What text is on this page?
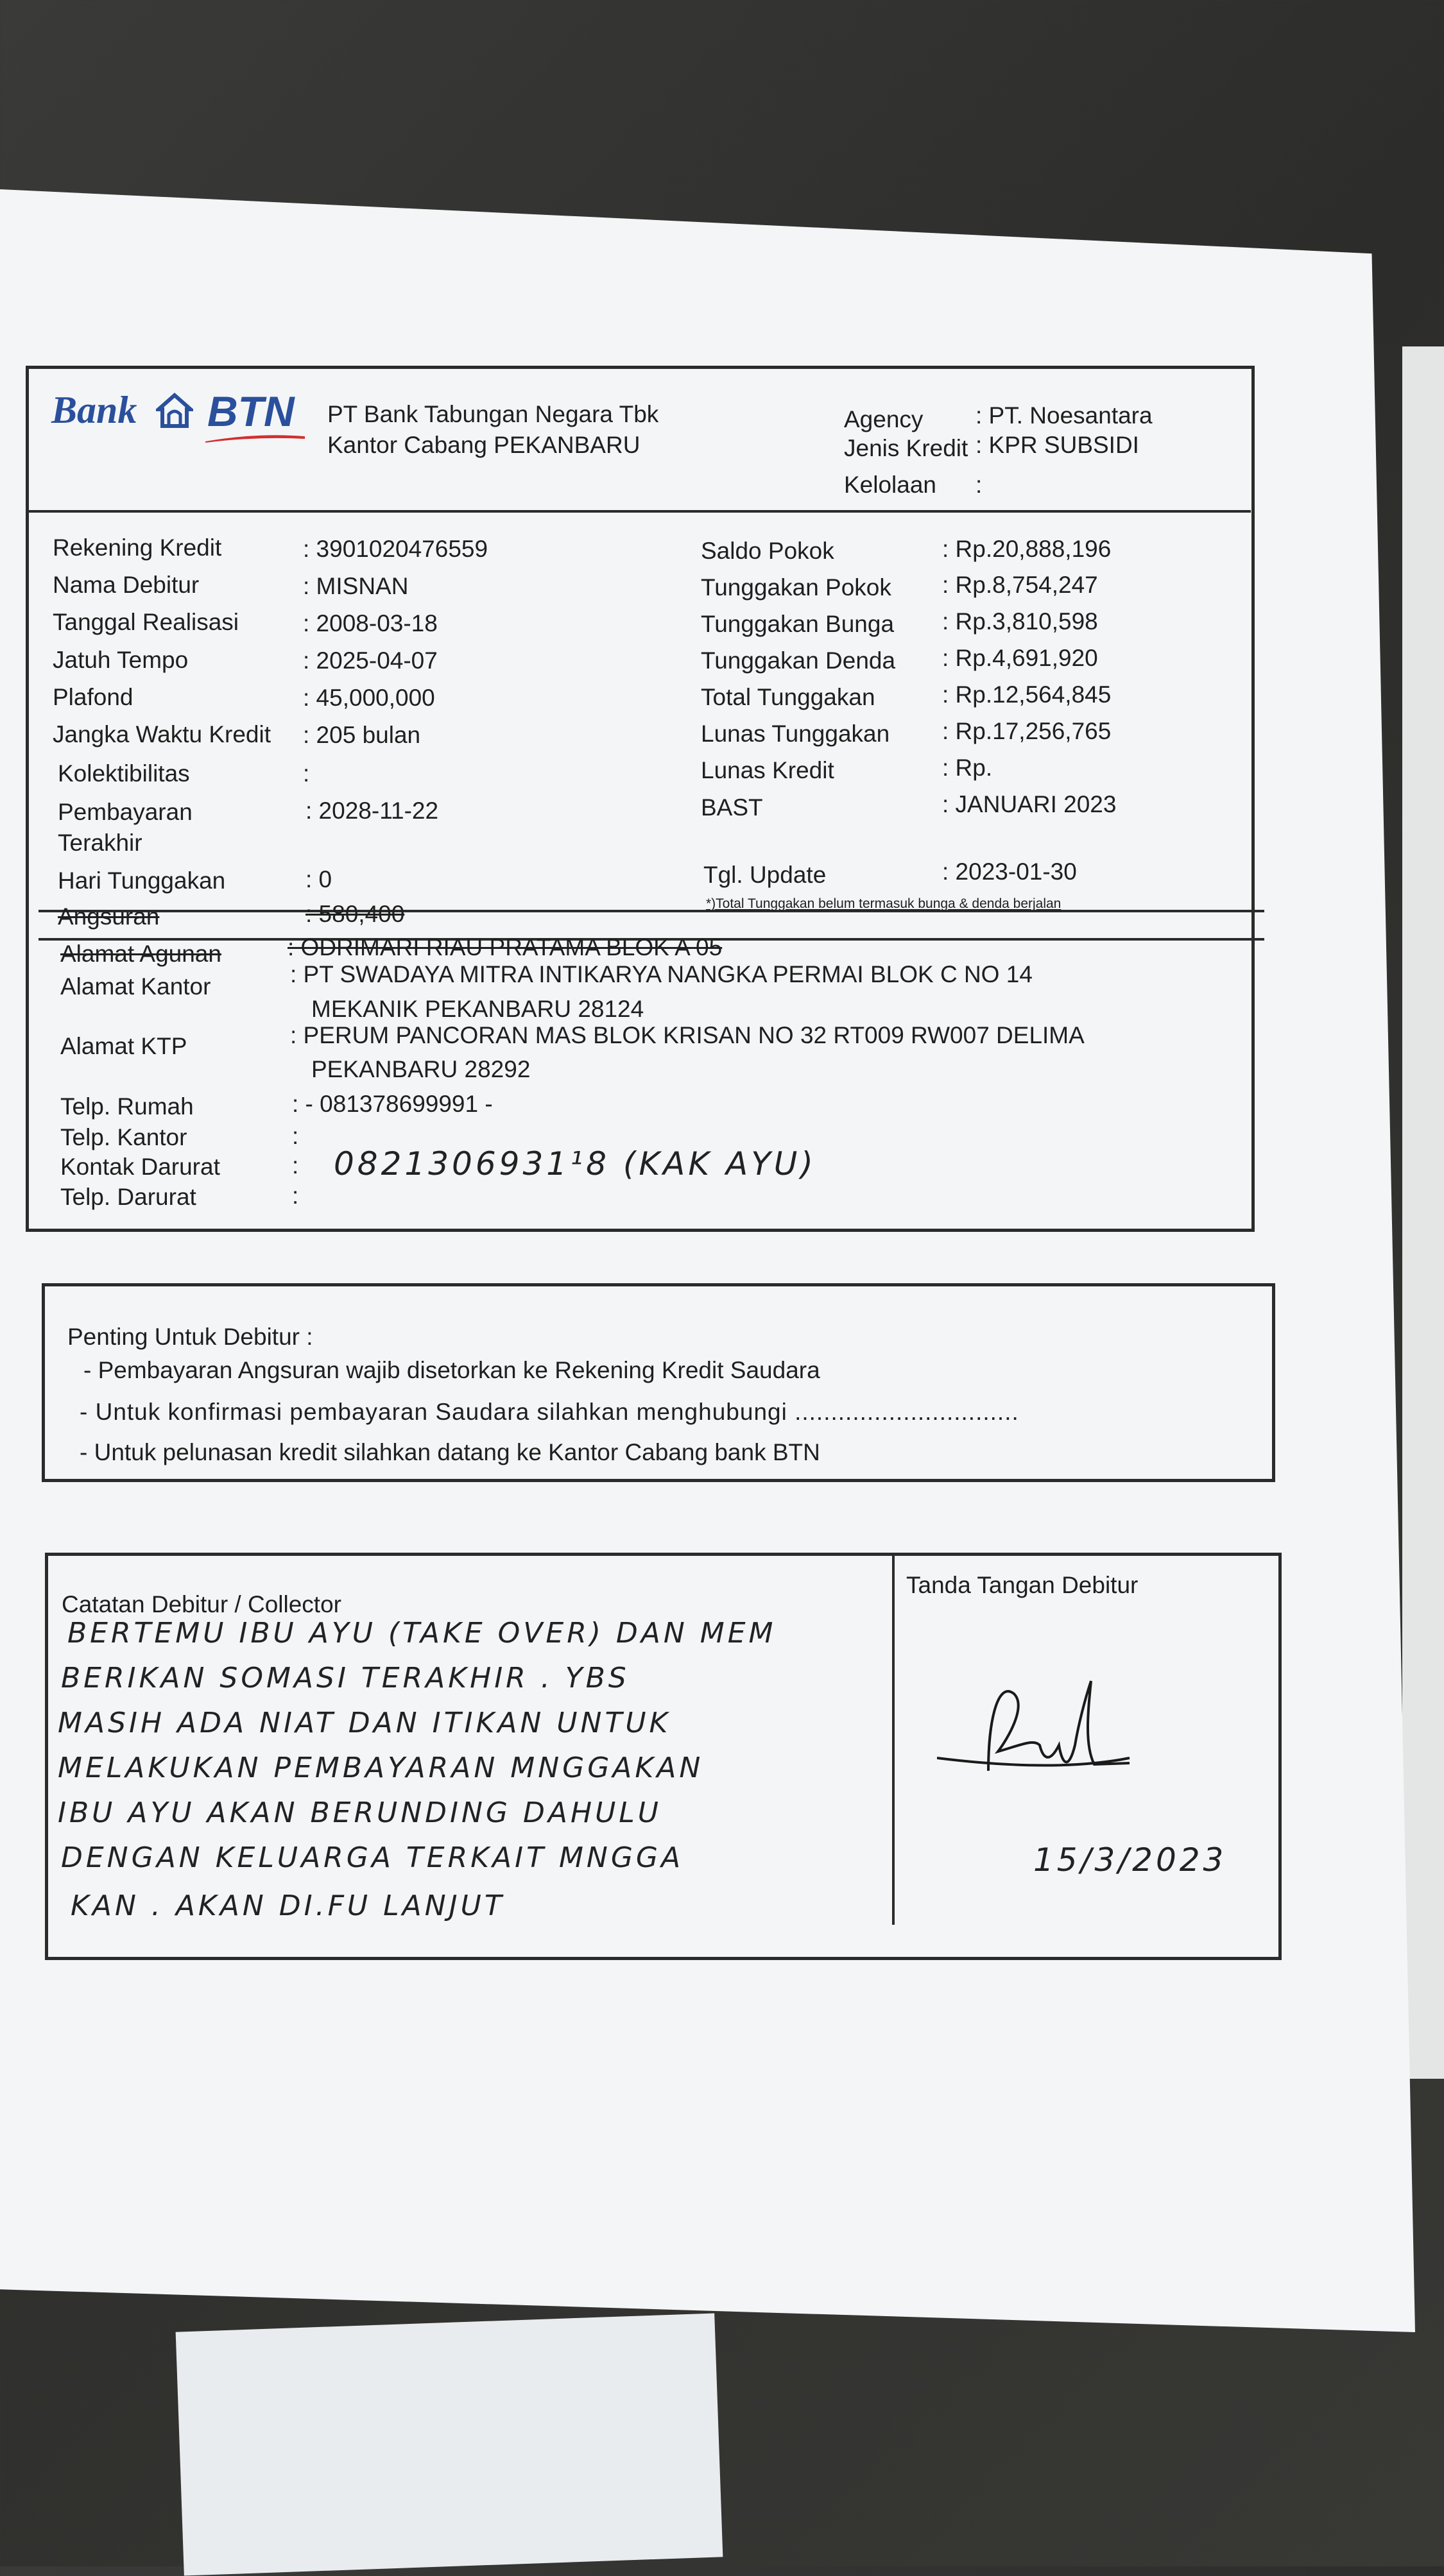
Bank BTN PT Bank Tabungan Negara Tbk
Kantor Cabang PEKANBARU
Agency : PT. Noesantara
Jenis Kredit : KPR SUBSIDI
Kelolaan :
Rekening Kredit	: 3901020476559
Nama Debitur	: MISNAN
Tanggal Realisasi	: 2008-03-18
Jatuh Tempo	: 2025-04-07
Plafond	: 45,000,000
Jangka Waktu Kredit : 205 bulan
Kolektibilitas	:
Pembayaran
Terakhir
: 2028-11-22
Hari Tunggakan	: 0
Angsuran	: 580,400
Saldo Pokok	: Rp.20,888,196
Tunggakan Pokok : Rp.8,754,247
Tunggakan Bunga : Rp.3,810,598
Tunggakan Denda : Rp.4,691,920
Total Tunggakan	: Rp.12,564,845
Lunas Tunggakan : Rp.17,256,765
Lunas Kredit	: Rp.
BAST	: JANUARI 2023
Tgl. Update	: 2023-01-30
*)Total Tunggakan belum termasuk bunga & denda berjalan
Alamat Agunan	: ODRIMARI RIAU PRATAMA BLOK A 05
Alamat Kantor	: PT SWADAYA MITRA INTIKARYA NANGKA PERMAI BLOK C NO 14
MEKANIK PEKANBARU 28124
Alamat KTP	: PERUM PANCORAN MAS BLOK KRISAN NO 32 RT009 RW007 DELIMA
PEKANBARU 28292
Telp. Rumah	: - 081378699991 -
Telp. Kantor	:
Kontak Darurat	: 0821306931¹8 (KAK AYU)
Telp. Darurat	:
Penting Untuk Debitur :
- Pembayaran Angsuran wajib disetorkan ke Rekening Kredit Saudara
- Untuk konfirmasi pembayaran Saudara silahkan menghubungi ...............................
- Untuk pelunasan kredit silahkan datang ke Kantor Cabang bank BTN
Catatan Debitur / Collector
BERTEMU IBU AYU (TAKE OVER) DAN MEM
BERIKAN SOMASI TERAKHIR . YBS
MASIH ADA NIAT DAN ITIKAN UNTUK
MELAKUKAN PEMBAYARAN MNGGAKAN
IBU AYU AKAN BERUNDING DAHULU
DENGAN KELUARGA TERKAIT MNGGA
KAN . AKAN DI.FU LANJUT
Tanda Tangan Debitur
15/3/2023
